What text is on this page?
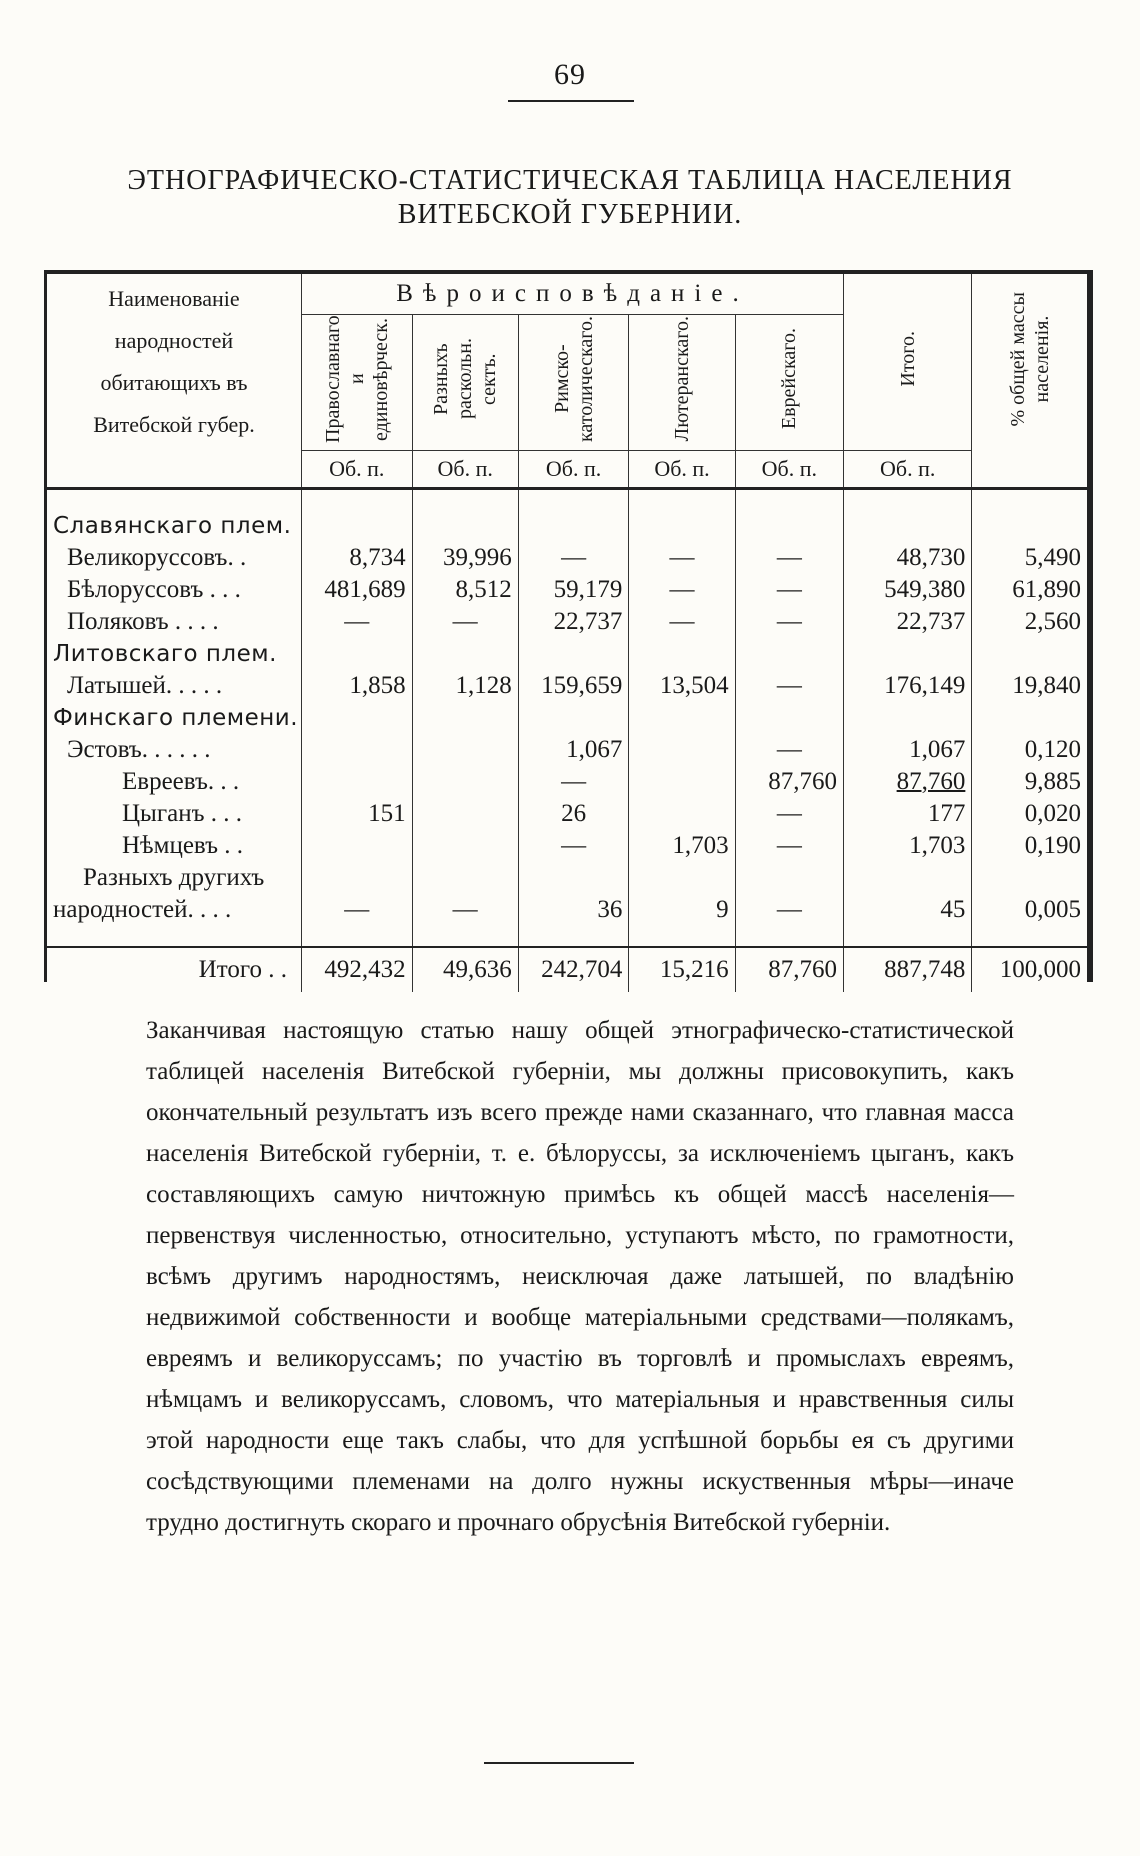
69
ЭТНОГРАФИЧЕСКО-СТАТИСТИЧЕСКАЯ ТАБЛИЦА НАСЕЛЕНИЯ
ВИТЕБСКОЙ ГУБЕРНИИ.
Наименованіе народностей обитающихъ въ Витебской губер.	Вѣроисповѣданіе.					Итого.	% общей массы населенія.
	Православнаго и единовѣрческ.	Разныхъ раскольн. сектъ.	Римско-католическаго.	Лютеранскаго.	Еврейскаго.		
	Об. п.	Об. п.	Об. п.	Об. п.	Об. п.	Об. п.	

Славянскаго плем.							
Великоруссовъ. .	8,734	39,996	—	—	—	48,730	5,490
Бѣлоруссовъ . . .	481,689	8,512	59,179	—	—	549,380	61,890
Поляковъ . . . .	—	—	22,737	—	—	22,737	2,560
Литовскаго плем.							
Латышей. . . . .	1,858	1,128	159,659	13,504	—	176,149	19,840
Финскаго племени.							
Эстовъ. . . . . .			1,067		—	1,067	0,120
Евреевъ. . .			—		87,760	87,760	9,885
Цыганъ . . .	151		26		—	177	0,020
Нѣмцевъ . .			—	1,703	—	1,703	0,190
Разныхъ другихъ							
народностей. . . .	—	—	36	9	—	45	0,005

Итого . .	492,432	49,636	242,704	15,216	87,760	887,748	100,000

Заканчивая настоящую статью нашу общей этнографическо-статистической таблицей населенія Витебской губерніи, мы должны присовокупить, какъ окончательный результатъ изъ всего прежде нами сказаннаго, что главная масса населенія Витебской губерніи, т. е. бѣлоруссы, за исключеніемъ цыганъ, какъ составляющихъ самую ничтожную примѣсь къ общей массѣ населенія—первенствуя численностью, относительно, уступаютъ мѣсто, по грамотности, всѣмъ другимъ народностямъ, неисключая даже латышей, по владѣнію недвижимой собственности и вообще матеріальными средствами—полякамъ, евреямъ и великоруссамъ; по участію въ торговлѣ и промыслахъ евреямъ, нѣмцамъ и великоруссамъ, словомъ, что матеріальныя и нравственныя силы этой народности еще такъ слабы, что для успѣшной борьбы ея съ другими сосѣдствующими племенами на долго нужны искуственныя мѣры—иначе трудно достигнуть скораго и прочнаго обрусѣнія Витебской губерніи.
